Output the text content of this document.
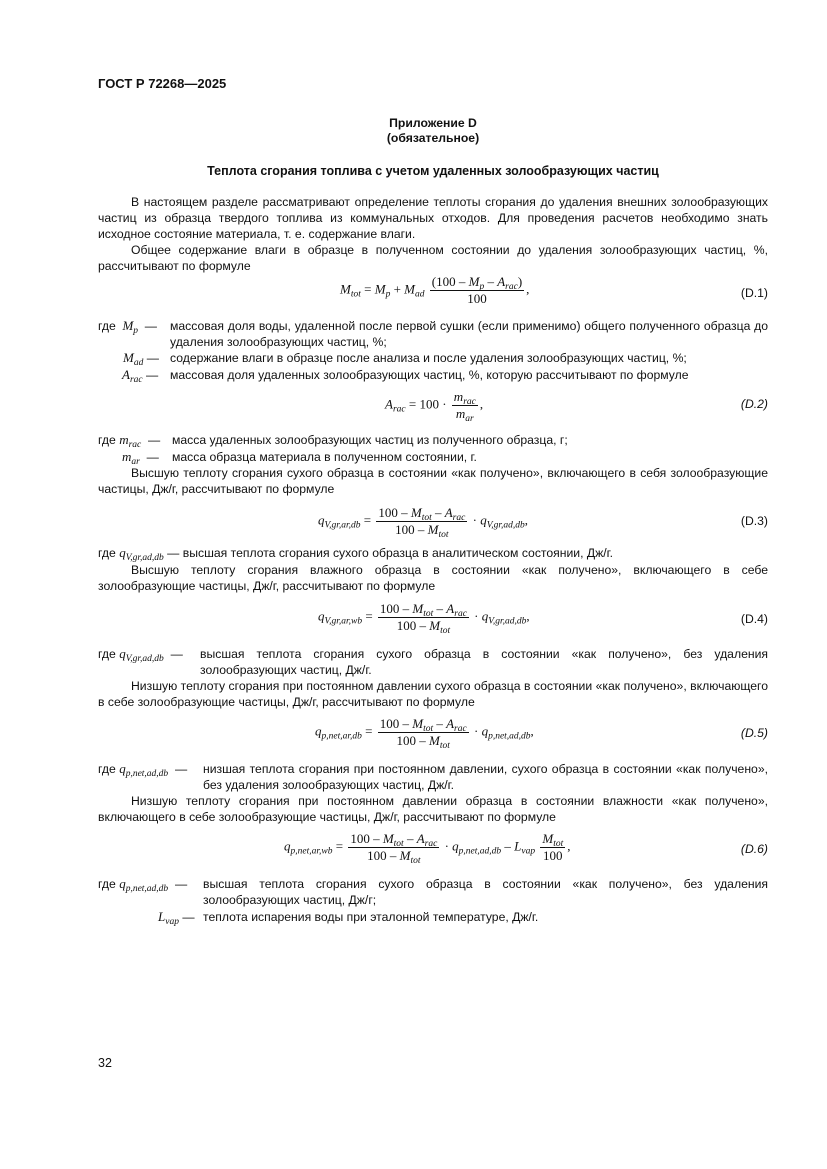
ГОСТ Р 72268—2025
Приложение D
(обязательное)
Теплота сгорания топлива с учетом удаленных золообразующих частиц
В настоящем разделе рассматривают определение теплоты сгорания до удаления внешних золообразующих частиц из образца твердого топлива из коммунальных отходов. Для проведения расчетов необходимо знать исходное состояние материала, т. е. содержание влаги.
Общее содержание влаги в образце в полученном состоянии до удаления золообразующих частиц, %, рассчитывают по формуле
$M_{tot} = M_p + M_{ad} \frac{(100 - M_p - A_{rac})}{100}$ ,	(D.1)
где  $M_p$  — массовая доля воды, удаленной после первой сушки (если применимо) общего полученного образца до удаления золообразующих частиц, %;
$M_{ad}$ — содержание влаги в образце после анализа и после удаления золообразующих частиц, %;
$A_{rac}$ — массовая доля удаленных золообразующих частиц, %, которую рассчитывают по формуле
$A_{rac} = 100 \cdot \frac{m_{rac}}{m_{ar}}$ ,	(D.2)
где $m_{rac}$  — масса удаленных золообразующих частиц из полученного образца, г;
$m_{ar}$  — масса образца материала в полученном состоянии, г.
Высшую теплоту сгорания сухого образца в состоянии «как получено», включающего в себя золообразующие частицы, Дж/г, рассчитывают по формуле
$q_{V,gr,ar,db} = \frac{100 - M_{tot} - A_{rac}}{100 - M_{tot}} \cdot q_{V,gr,ad,db}$,	(D.3)
где $q_{V,gr,ad,db}$ — высшая теплота сгорания сухого образца в аналитическом состоянии, Дж/г.
Высшую теплоту сгорания влажного образца в состоянии «как получено», включающего в себе золообразующие частицы, Дж/г, рассчитывают по формуле
$q_{V,gr,ar,wb} = \frac{100 - M_{tot} - A_{rac}}{100 - M_{tot}} \cdot q_{V,gr,ad,db}$,	(D.4)
где $q_{V,gr,ad,db}$  — высшая теплота сгорания сухого образца в состоянии «как получено», без удаления золообразующих частиц, Дж/г.
Низшую теплоту сгорания при постоянном давлении сухого образца в состоянии «как получено», включающего в себе золообразующие частицы, Дж/г, рассчитывают по формуле
$q_{p,net,ar,db} = \frac{100 - M_{tot} - A_{rac}}{100 - M_{tot}} \cdot q_{p,net,ad,db}$,	(D.5)
где $q_{p,net,ad,db}$  — низшая теплота сгорания при постоянном давлении, сухого образца в состоянии «как получено», без удаления золообразующих частиц, Дж/г.
Низшую теплоту сгорания при постоянном давлении образца в состоянии влажности «как получено», включающего в себе золообразующие частицы, Дж/г, рассчитывают по формуле
$q_{p,net,ar,wb} = \frac{100 - M_{tot} - A_{rac}}{100 - M_{tot}} \cdot q_{p,net,ad,db} - L_{vap} \frac{M_{tot}}{100}$ ,	(D.6)
где $q_{p,net,ad,db}$  — высшая теплота сгорания сухого образца в состоянии «как получено», без удаления золообразующих частиц, Дж/г;
$L_{vap}$ — теплота испарения воды при эталонной температуре, Дж/г.
32
